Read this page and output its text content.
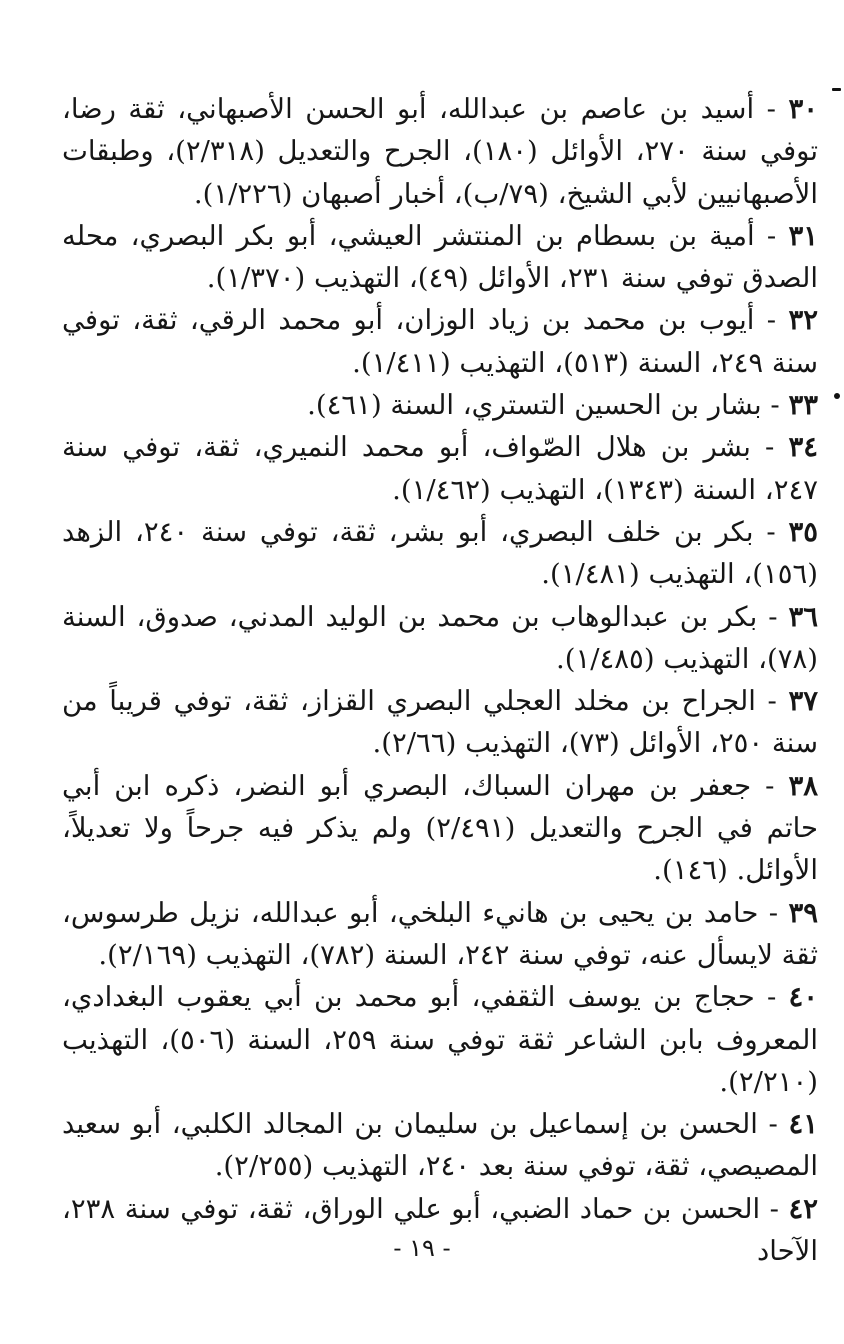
٣٠ - أسيد بن عاصم بن عبدالله، أبو الحسن الأصبهاني، ثقة رضا، توفي سنة ٢٧٠، الأوائل (١٨٠)، الجرح والتعديل (٢/٣١٨)، وطبقات الأصبهانيين لأبي الشيخ، (٧٩/ب)، أخبار أصبهان (١/٢٢٦).

٣١ - أمية بن بسطام بن المنتشر العيشي، أبو بكر البصري، محله الصدق توفي سنة ٢٣١، الأوائل (٤٩)، التهذيب (١/٣٧٠).

٣٢ - أيوب بن محمد بن زياد الوزان، أبو محمد الرقي، ثقة، توفي سنة ٢٤٩، السنة (٥١٣)، التهذيب (١/٤١١).

٣٣ - بشار بن الحسين التستري، السنة (٤٦١).

٣٤ - بشر بن هلال الصّواف، أبو محمد النميري، ثقة، توفي سنة ٢٤٧، السنة (١٣٤٣)، التهذيب (١/٤٦٢).

٣٥ - بكر بن خلف البصري، أبو بشر، ثقة، توفي سنة ٢٤٠، الزهد (١٥٦)، التهذيب (١/٤٨١).

٣٦ - بكر بن عبدالوهاب بن محمد بن الوليد المدني، صدوق، السنة (٧٨)، التهذيب (١/٤٨٥).

٣٧ - الجراح بن مخلد العجلي البصري القزاز، ثقة، توفي قريباً من سنة ٢٥٠، الأوائل (٧٣)، التهذيب (٢/٦٦).

٣٨ - جعفر بن مهران السباك، البصري أبو النضر، ذكره ابن أبي حاتم في الجرح والتعديل (٢/٤٩١) ولم يذكر فيه جرحاً ولا تعديلاً، الأوائل. (١٤٦).

٣٩ - حامد بن يحيى بن هانيء البلخي، أبو عبدالله، نزيل طرسوس، ثقة لايسأل عنه، توفي سنة ٢٤٢، السنة (٧٨٢)، التهذيب (٢/١٦٩).

٤٠ - حجاج بن يوسف الثقفي، أبو محمد بن أبي يعقوب البغدادي، المعروف بابن الشاعر ثقة توفي سنة ٢٥٩، السنة (٥٠٦)، التهذيب (٢/٢١٠).

٤١ - الحسن بن إسماعيل بن سليمان بن المجالد الكلبي، أبو سعيد المصيصي، ثقة، توفي سنة بعد ٢٤٠، التهذيب (٢/٢٥٥).

٤٢ - الحسن بن حماد الضبي، أبو علي الوراق، ثقة، توفي سنة ٢٣٨، الآحاد

- ١٩ -
